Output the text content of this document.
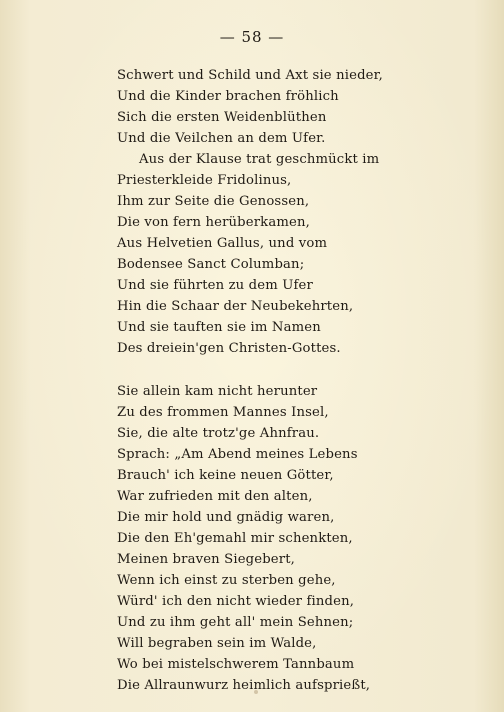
— 58 —
Schwert und Schild und Axt sie nieder,
Und die Kinder brachen fröhlich
Sich die ersten Weidenblüthen
Und die Veilchen an dem Ufer.
Aus der Klause trat geschmückt im
Priesterkleide Fridolinus,
Ihm zur Seite die Genossen,
Die von fern herüberkamen,
Aus Helvetien Gallus, und vom
Bodensee Sanct Columban;
Und sie führten zu dem Ufer
Hin die Schaar der Neubekehrten,
Und sie tauften sie im Namen
Des dreiein'gen Christen-Gottes.
Sie allein kam nicht herunter
Zu des frommen Mannes Insel,
Sie, die alte trotz'ge Ahnfrau.
Sprach: „Am Abend meines Lebens
Brauch' ich keine neuen Götter,
War zufrieden mit den alten,
Die mir hold und gnädig waren,
Die den Eh'gemahl mir schenkten,
Meinen braven Siegebert,
Wenn ich einst zu sterben gehe,
Würd' ich den nicht wieder finden,
Und zu ihm geht all' mein Sehnen;
Will begraben sein im Walde,
Wo bei mistelschwerem Tannbaum
Die Allraunwurz heimlich aufsprießt,
